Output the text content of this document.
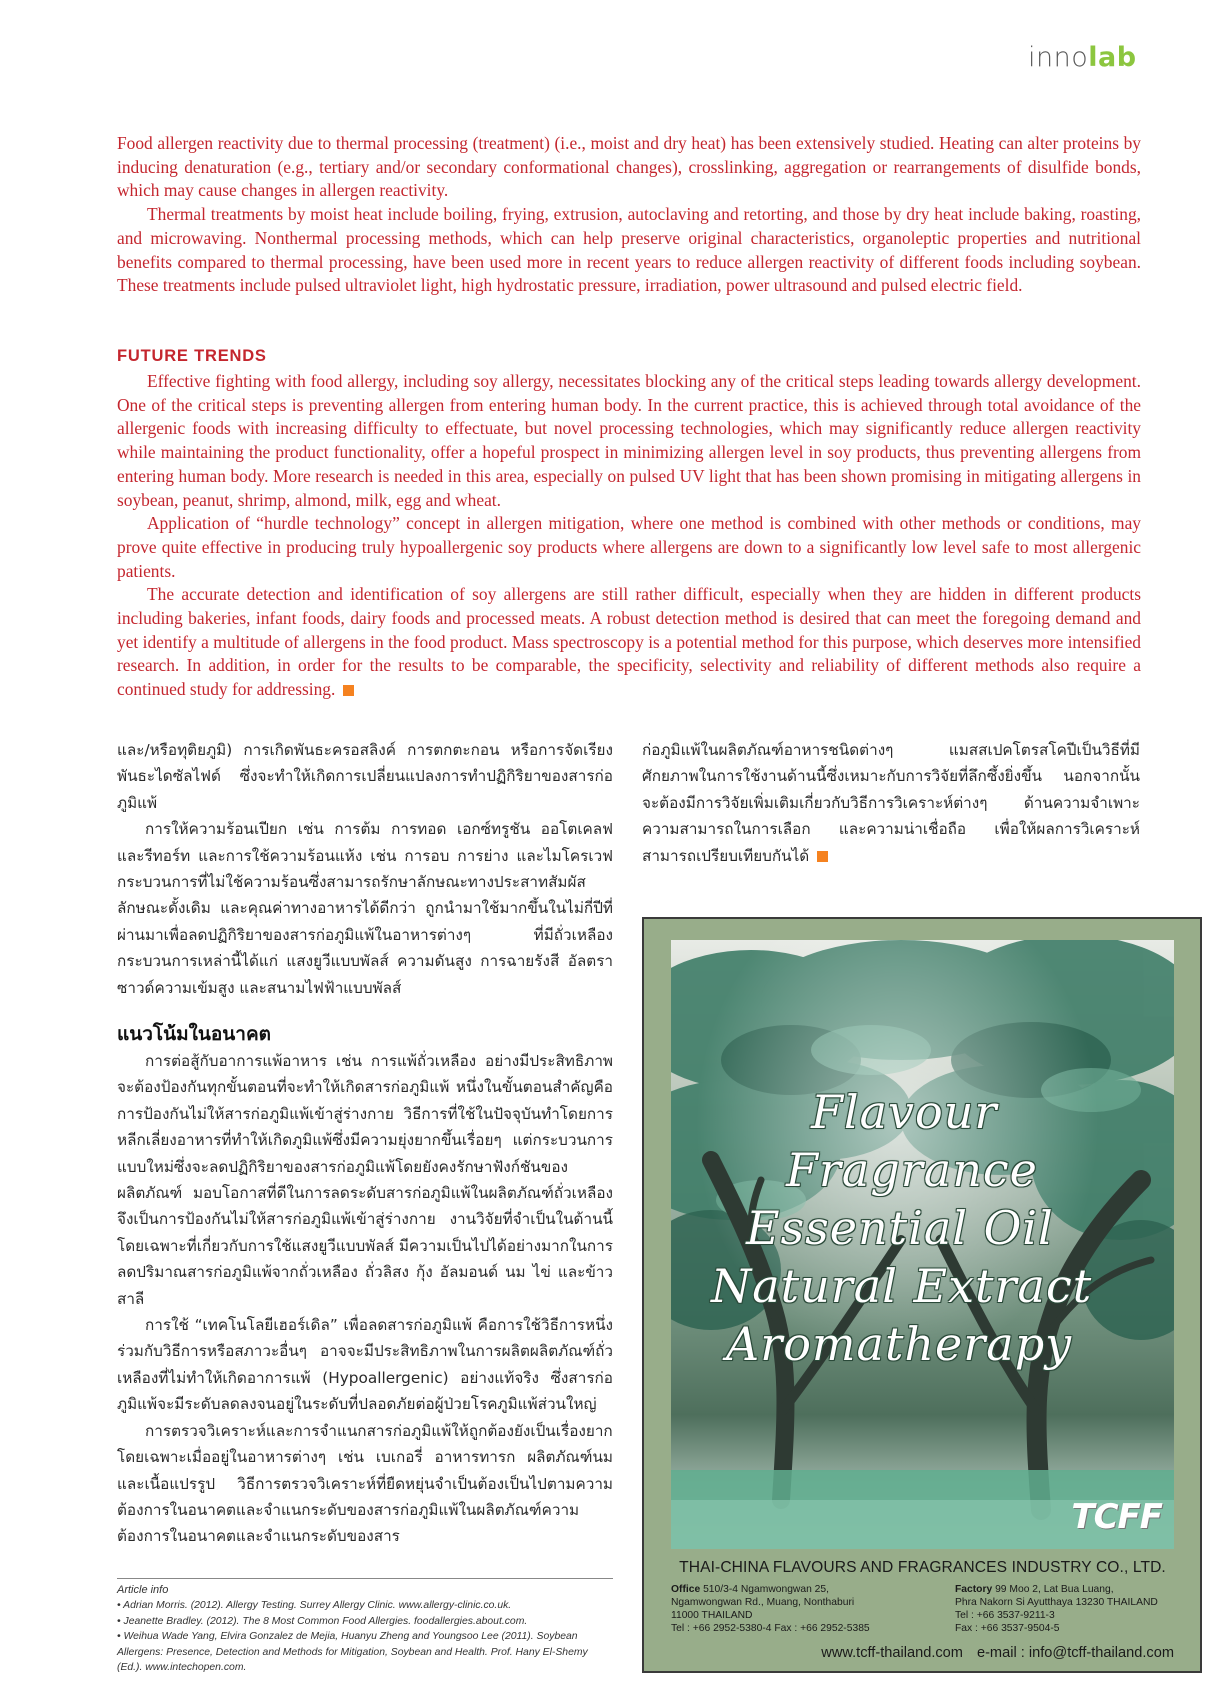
innolab

Food allergen reactivity due to thermal processing (treatment) (i.e., moist and dry heat) has been extensively studied. Heating can alter proteins by inducing denaturation (e.g., tertiary and/or secondary conformational changes), crosslinking, aggregation or rearrangements of disulfide bonds, which may cause changes in allergen reactivity.

Thermal treatments by moist heat include boiling, frying, extrusion, autoclaving and retorting, and those by dry heat include baking, roasting, and microwaving. Nonthermal processing methods, which can help preserve original characteristics, organoleptic properties and nutritional benefits compared to thermal processing, have been used more in recent years to reduce allergen reactivity of different foods including soybean. These treatments include pulsed ultraviolet light, high hydrostatic pressure, irradiation, power ultrasound and pulsed electric field.

FUTURE TRENDS

Effective fighting with food allergy, including soy allergy, necessitates blocking any of the critical steps leading towards allergy development. One of the critical steps is preventing allergen from entering human body. In the current practice, this is achieved through total avoidance of the allergenic foods with increasing difficulty to effectuate, but novel processing technologies, which may significantly reduce allergen reactivity while maintaining the product functionality, offer a hopeful prospect in minimizing allergen level in soy products, thus preventing allergens from entering human body. More research is needed in this area, especially on pulsed UV light that has been shown promising in mitigating allergens in soybean, peanut, shrimp, almond, milk, egg and wheat.

Application of “hurdle technology” concept in allergen mitigation, where one method is combined with other methods or conditions, may prove quite effective in producing truly hypoallergenic soy products where allergens are down to a significantly low level safe to most allergenic patients.

The accurate detection and identification of soy allergens are still rather difficult, especially when they are hidden in different products including bakeries, infant foods, dairy foods and processed meats. A robust detection method is desired that can meet the foregoing demand and yet identify a multitude of allergens in the food product. Mass spectroscopy is a potential method for this purpose, which deserves more intensified research. In addition, in order for the results to be comparable, the specificity, selectivity and reliability of different methods also require a continued study for addressing.

และ/หรือทุติยภูมิ) การเกิดพันธะครอสลิงค์ การตกตะกอน หรือการจัดเรียงพันธะไดซัลไฟด์ ซึ่งจะทำให้เกิดการเปลี่ยนแปลงการทำปฏิกิริยาของสารก่อภูมิแพ้

การให้ความร้อนเปียก เช่น การต้ม การทอด เอกซ์ทรูชัน ออโตเคลฟ และรีทอร์ท และการใช้ความร้อนแห้ง เช่น การอบ การย่าง และไมโครเวฟ กระบวนการที่ไม่ใช้ความร้อนซึ่งสามารถรักษาลักษณะทางประสาทสัมผัส ลักษณะดั้งเดิม และคุณค่าทางอาหารได้ดีกว่า ถูกนำมาใช้มากขึ้นในไม่กี่ปีที่ผ่านมาเพื่อลดปฏิกิริยาของสารก่อภูมิแพ้ในอาหารต่างๆ ที่มีถั่วเหลือง กระบวนการเหล่านี้ได้แก่ แสงยูวีแบบพัลส์ ความดันสูง การฉายรังสี อัลตราซาวด์ความเข้มสูง และสนามไฟฟ้าแบบพัลส์

แนวโน้มในอนาคต

การต่อสู้กับอาการแพ้อาหาร เช่น การแพ้ถั่วเหลือง อย่างมีประสิทธิภาพ จะต้องป้องกันทุกขั้นตอนที่จะทำให้เกิดสารก่อภูมิแพ้ หนึ่งในขั้นตอนสำคัญคือการป้องกันไม่ให้สารก่อภูมิแพ้เข้าสู่ร่างกาย วิธีการที่ใช้ในปัจจุบันทำโดยการหลีกเลี่ยงอาหารที่ทำให้เกิดภูมิแพ้ซึ่งมีความยุ่งยากขึ้นเรื่อยๆ แต่กระบวนการแบบใหม่ซึ่งจะลดปฏิกิริยาของสารก่อภูมิแพ้โดยยังคงรักษาฟังก์ชันของผลิตภัณฑ์ มอบโอกาสที่ดีในการลดระดับสารก่อภูมิแพ้ในผลิตภัณฑ์ถั่วเหลือง จึงเป็นการป้องกันไม่ให้สารก่อภูมิแพ้เข้าสู่ร่างกาย งานวิจัยที่จำเป็นในด้านนี้ โดยเฉพาะที่เกี่ยวกับการใช้แสงยูวีแบบพัลส์ มีความเป็นไปได้อย่างมากในการลดปริมาณสารก่อภูมิแพ้จากถั่วเหลือง ถั่วลิสง กุ้ง อัลมอนด์ นม ไข่ และข้าวสาลี

การใช้ “เทคโนโลยีเฮอร์เดิล” เพื่อลดสารก่อภูมิแพ้ คือการใช้วิธีการหนึ่งร่วมกับวิธีการหรือสภาวะอื่นๆ อาจจะมีประสิทธิภาพในการผลิตผลิตภัณฑ์ถั่วเหลืองที่ไม่ทำให้เกิดอาการแพ้ (Hypoallergenic) อย่างแท้จริง ซึ่งสารก่อภูมิแพ้จะมีระดับลดลงจนอยู่ในระดับที่ปลอดภัยต่อผู้ป่วยโรคภูมิแพ้ส่วนใหญ่

การตรวจวิเคราะห์และการจำแนกสารก่อภูมิแพ้ให้ถูกต้องยังเป็นเรื่องยากโดยเฉพาะเมื่ออยู่ในอาหารต่างๆ เช่น เบเกอรี่ อาหารทารก ผลิตภัณฑ์นม และเนื้อแปรรูป วิธีการตรวจวิเคราะห์ที่ยืดหยุ่นจำเป็นต้องเป็นไปตามความต้องการในอนาคตและจำแนกระดับของสารก่อภูมิแพ้ในผลิตภัณฑ์ความต้องการในอนาคตและจำแนกระดับของสาร

ก่อภูมิแพ้ในผลิตภัณฑ์อาหารชนิดต่างๆ แมสสเปคโตรสโคปีเป็นวิธีที่มีศักยภาพในการใช้งานด้านนี้ซึ่งเหมาะกับการวิจัยที่ลึกซึ้งยิ่งขึ้น นอกจากนั้น จะต้องมีการวิจัยเพิ่มเติมเกี่ยวกับวิธีการวิเคราะห์ต่างๆ ด้านความจำเพาะ ความสามารถในการเลือก และความน่าเชื่อถือ เพื่อให้ผลการวิเคราะห์สามารถเปรียบเทียบกันได้

Article info
• Adrian Morris. (2012). Allergy Testing. Surrey Allergy Clinic. www.allergy-clinic.co.uk.
• Jeanette Bradley. (2012). The 8 Most Common Food Allergies. foodallergies.about.com.
• Weihua Wade Yang, Elvira Gonzalez de Mejia, Huanyu Zheng and Youngsoo Lee (2011). Soybean Allergens: Presence, Detection and Methods for Mitigation, Soybean and Health. Prof. Hany El-Shemy (Ed.). www.intechopen.com.
TCFF
Flavour
Fragrance
Essential Oil
Natural Extract
Aromatherapy
THAI-CHINA FLAVOURS AND FRAGRANCES INDUSTRY CO., LTD.
Office 510/3-4 Ngamwongwan 25,
Ngamwongwan Rd., Muang, Nonthaburi
11000 THAILAND
Tel : +66 2952-5380-4 Fax : +66 2952-5385
Factory 99 Moo 2, Lat Bua Luang,
Phra Nakorn Si Ayutthaya 13230 THAILAND
Tel : +66 3537-9211-3
Fax : +66 3537-9504-5
www.tcff-thailand.com e-mail : info@tcff-thailand.com
